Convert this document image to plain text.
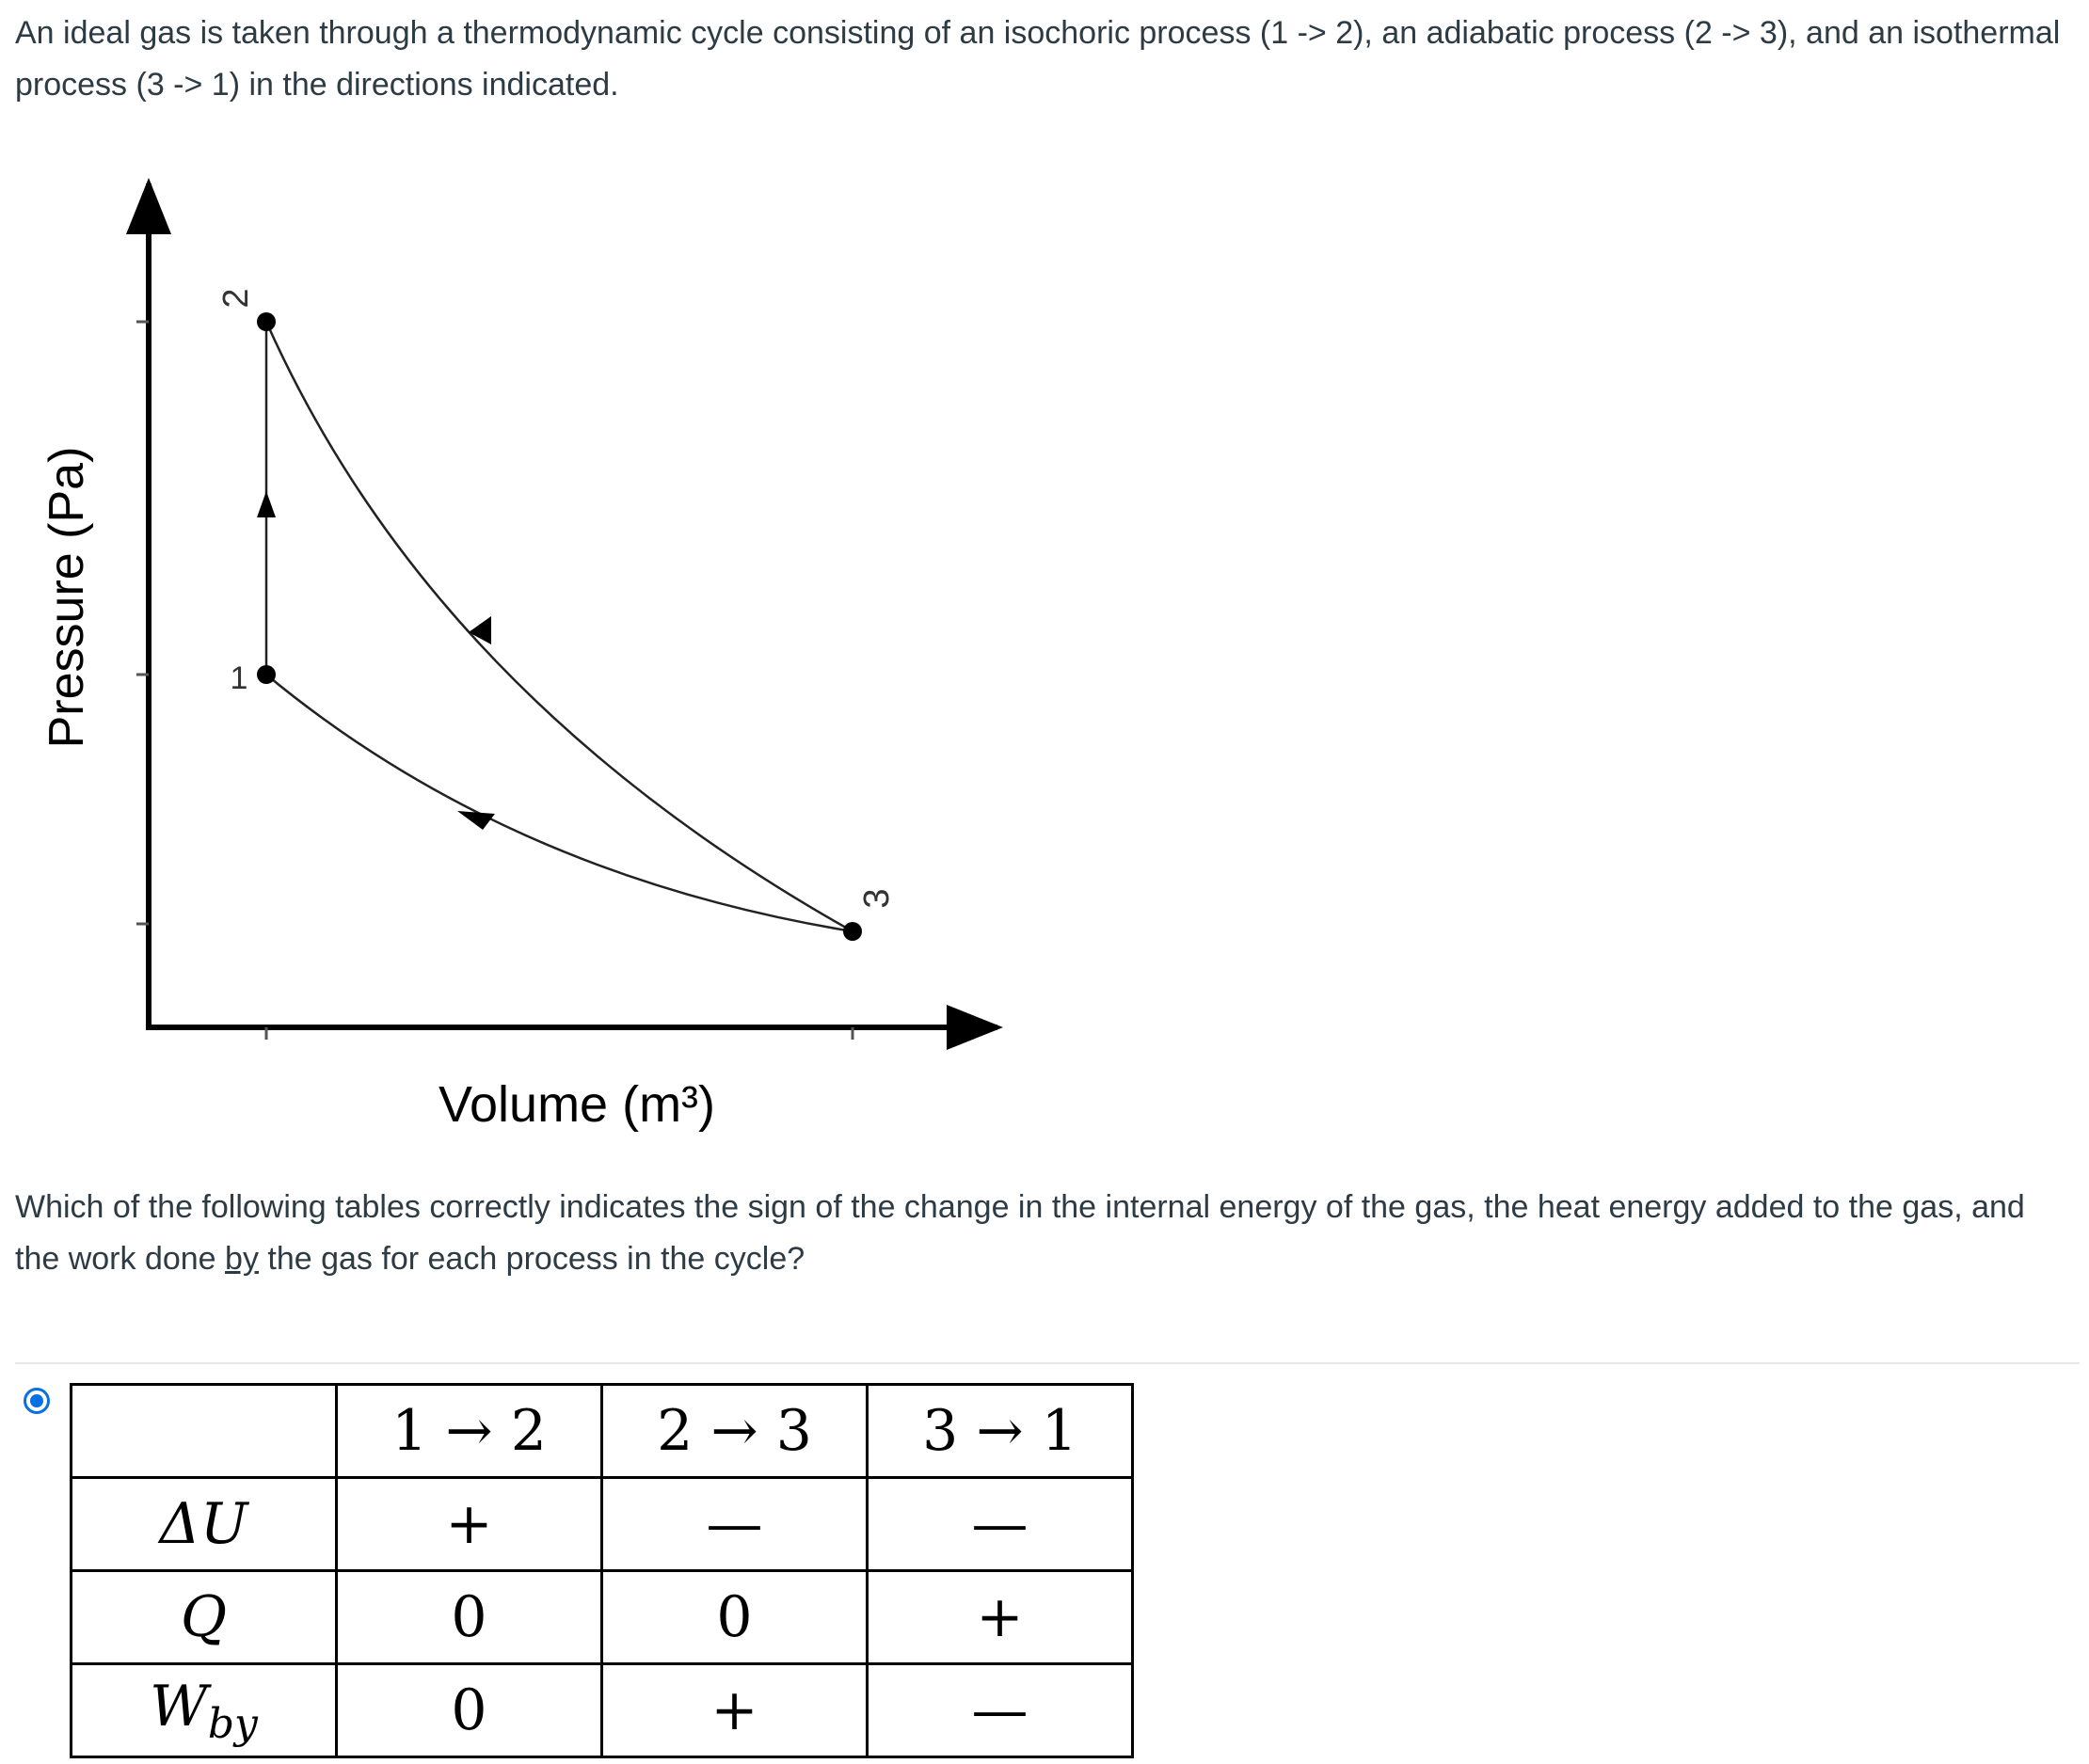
An ideal gas is taken through a thermodynamic cycle consisting of an isochoric process (1 -> 2), an adiabatic process (2 -> 3), and an isothermal process (3 -> 1) in the directions indicated.

2
1
3
Pressure (Pa)
Volume (m³)

Which of the following tables correctly indicates the sign of the change in the internal energy of the gas, the heat energy added to the gas, and the work done by the gas for each process in the cycle?

	1 → 2	2 → 3	3 → 1
ΔU	+	—	—
Q	0	0	+
$W_{by}$	0	+	—
